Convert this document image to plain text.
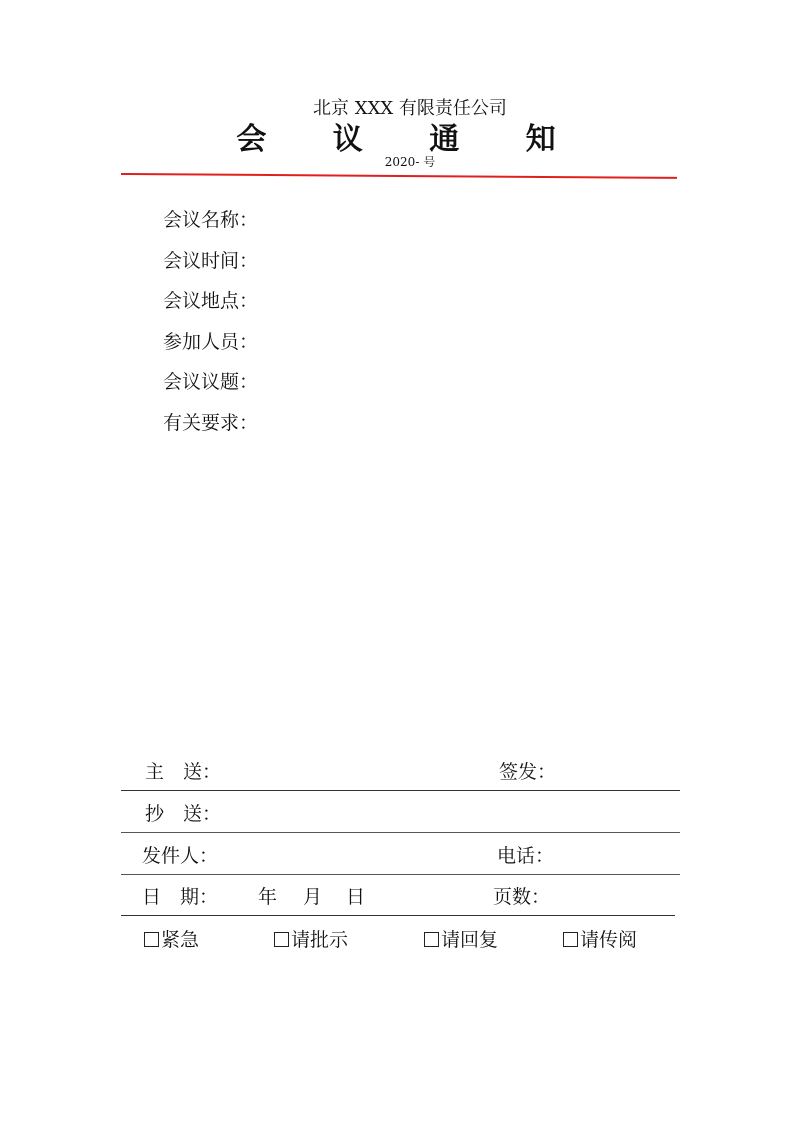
北京 XXX 有限责任公司
会 议 通 知
2020- 号
会议名称：
会议时间：
会议地点：
参加人员：
会议议题：
有关要求：
主　送：	签发：
抄　送：
发件人：	电话：
日　期： 年 月 日	页数：
紧急	请批示	请回复	请传阅
